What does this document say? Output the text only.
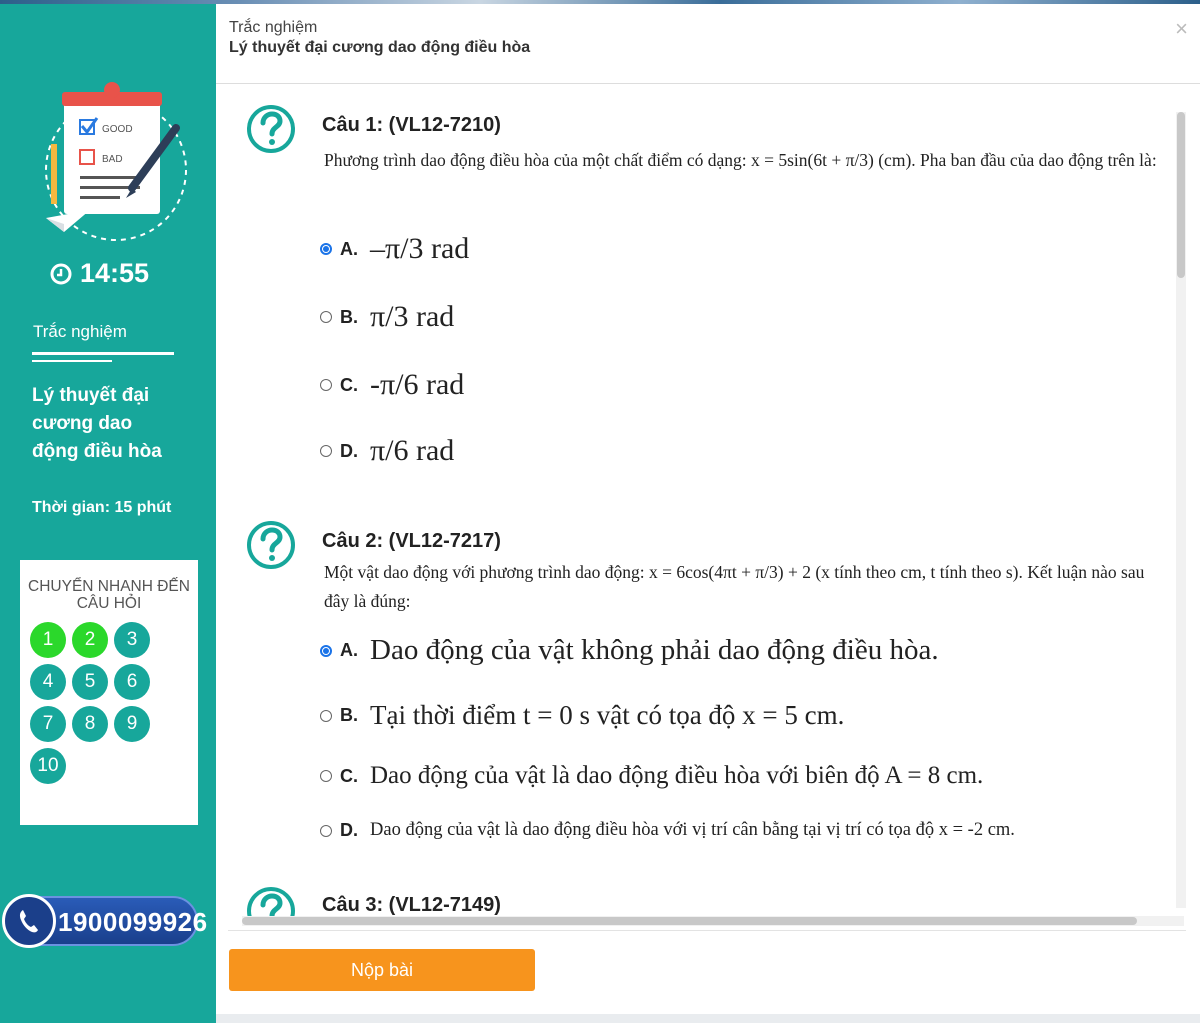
GOOD
BAD
14:55
Trắc nghiệm
Lý thuyết đại cương dao động điều hòa
Thời gian: 15 phút
CHUYỂN NHANH ĐẾN CÂU HỎI
1	2	3
4	5	6
7	8	9
10
1900099926
Trắc nghiệm
Lý thuyết đại cương dao động điều hòa
×
Câu 1: (VL12-7210)
Phương trình dao động điều hòa của một chất điểm có dạng: x = 5sin(6t + π/3) (cm). Pha ban đầu của dao động trên là:
A. –π/3 rad
B. π/3 rad
C. -π/6 rad
D. π/6 rad
Câu 2: (VL12-7217)
Một vật dao động với phương trình dao động: x = 6cos(4πt + π/3) + 2 (x tính theo cm, t tính theo s). Kết luận nào sau đây là đúng:
A. Dao động của vật không phải dao động điều hòa.
B. Tại thời điểm t = 0 s vật có tọa độ x = 5 cm.
C. Dao động của vật là dao động điều hòa với biên độ A = 8 cm.
D. Dao động của vật là dao động điều hòa với vị trí cân bằng tại vị trí có tọa độ x = -2 cm.
Câu 3: (VL12-7149)
Nộp bài
